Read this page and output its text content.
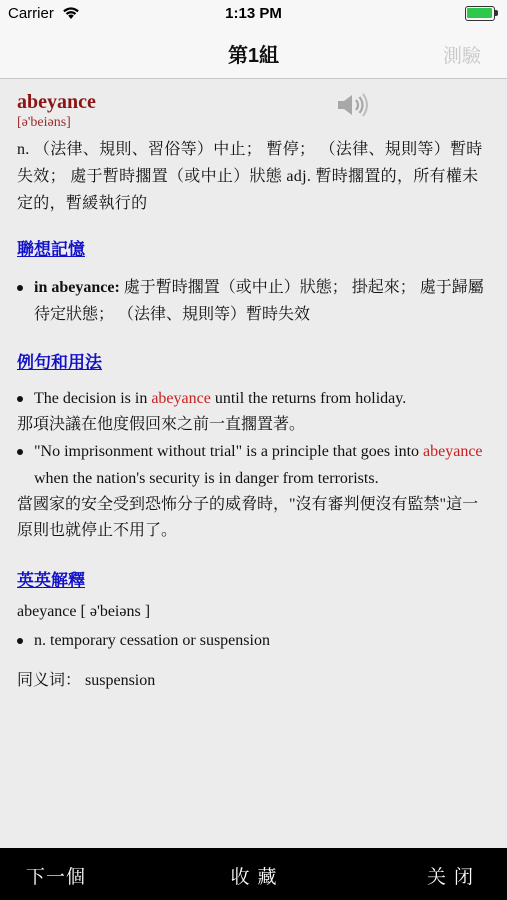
Carrier	1:13 PM
第1組	測驗
abeyance
[ə'beiəns]
n. （法律、規則、習俗等）中止； 暫停； （法律、規則等）暫時失效； 處于暫時擱置（或中止）狀態 adj. 暫時擱置的，所有權未定的，暫緩執行的
聯想記憶
in abeyance: 處于暫時擱置（或中止）狀態； 掛起來； 處于歸屬待定狀態； （法律、規則等）暫時失效
例句和用法
The decision is in abeyance until the returns from holiday.
那項決議在他度假回來之前一直擱置著。
"No imprisonment without trial" is a principle that goes into abeyance when the nation's security is in danger from terrorists.
當國家的安全受到恐怖分子的威脅時，"沒有審判便沒有監禁"這一原則也就停止不用了。
英英解釋
abeyance [ ə'beiəns ]
n. temporary cessation or suspension
同义词： suspension
下一個	收藏	关闭
